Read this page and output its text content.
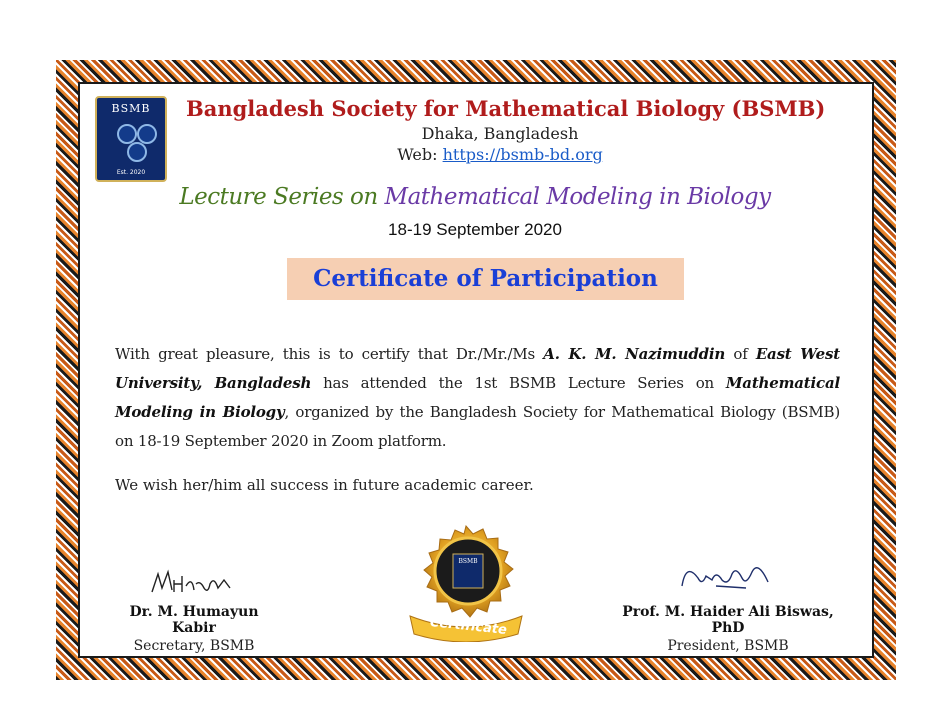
BSMB
Est. 2020
Bangladesh Society for Mathematical Biology (BSMB)
Dhaka, Bangladesh
Web: https://bsmb-bd.org
Lecture Series on Mathematical Modeling in Biology
18-19 September 2020
Certificate of Participation
With great pleasure, this is to certify that Dr./Mr./Ms A. K. M. Nazimuddin of East West University, Bangladesh has attended the 1st BSMB Lecture Series on Mathematical Modeling in Biology, organized by the Bangladesh Society for Mathematical Biology (BSMB) on 18-19 September 2020 in Zoom platform.
We wish her/him all success in future academic career.
Dr. M. Humayun Kabir
Secretary, BSMB
Prof. M. Haider Ali Biswas, PhD
President, BSMB
BSMB
Certificate
